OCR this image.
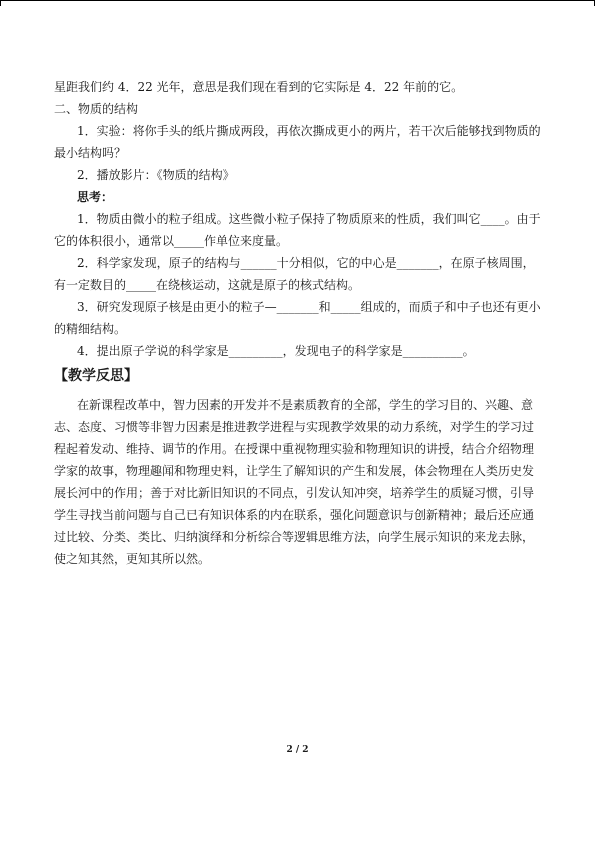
星距我们约 4．22 光年，意思是我们现在看到的它实际是 4．22 年前的它。
二、物质的结构
1．实验：将你手头的纸片撕成两段，再依次撕成更小的两片，若干次后能够找到物质的
最小结构吗？
2．播放影片：《物质的结构》
思考：
1．物质由微小的粒子组成。这些微小粒子保持了物质原来的性质，我们叫它____。由于
它的体积很小，通常以_____作单位来度量。
2．科学家发现，原子的结构与______十分相似，它的中心是_______，在原子核周围，
有一定数目的_____在绕核运动，这就是原子的核式结构。
3．研究发现原子核是由更小的粒子—_______和_____组成的，而质子和中子也还有更小
的精细结构。
4．提出原子学说的科学家是_________，发现电子的科学家是__________。
【教学反思】
在新课程改革中，智力因素的开发并不是素质教育的全部，学生的学习目的、兴趣、意
志、态度、习惯等非智力因素是推进教学进程与实现教学效果的动力系统，对学生的学习过
程起着发动、维持、调节的作用。在授课中重视物理实验和物理知识的讲授，结合介绍物理
学家的故事，物理趣闻和物理史料，让学生了解知识的产生和发展，体会物理在人类历史发
展长河中的作用；善于对比新旧知识的不同点，引发认知冲突，培养学生的质疑习惯，引导
学生寻找当前问题与自己已有知识体系的内在联系，强化问题意识与创新精神；最后还应通
过比较、分类、类比、归纳演绎和分析综合等逻辑思维方法，向学生展示知识的来龙去脉，
使之知其然，更知其所以然。
2 / 2
